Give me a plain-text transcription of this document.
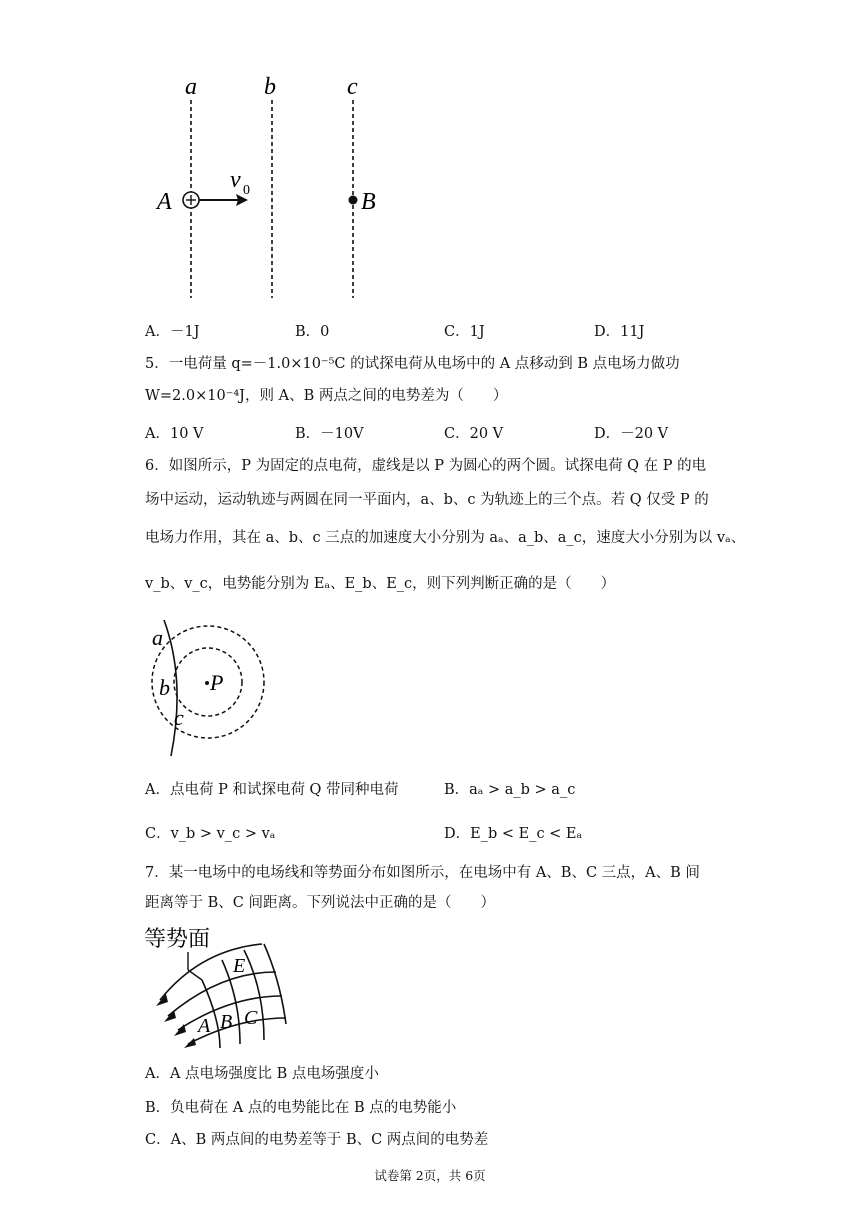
a	b	c
v 0
A	B
A．－1J	B．0	C．1J	D．11J
5．一电荷量 q=－1.0×10⁻⁵C 的试探电荷从电场中的 A 点移动到 B 点电场力做功
W=2.0×10⁻⁴J，则 A、B 两点之间的电势差为（　　）
A．10 V	B．－10V	C．20 V	D．－20 V
6．如图所示，P 为固定的点电荷，虚线是以 P 为圆心的两个圆。试探电荷 Q 在 P 的电
场中运动，运动轨迹与两圆在同一平面内，a、b、c 为轨迹上的三个点。若 Q 仅受 P 的
电场力作用，其在 a、b、c 三点的加速度大小分别为 aₐ、a_b、a_c，速度大小分别为以 vₐ、
v_b、v_c，电势能分别为 Eₐ、E_b、E_c，则下列判断正确的是（　　）
P
a
b
c
A．点电荷 P 和试探电荷 Q 带同种电荷	B．aₐ > a_b > a_c
C．v_b > v_c > vₐ	D．E_b < E_c < Eₐ
7．某一电场中的电场线和等势面分布如图所示，在电场中有 A、B、C 三点，A、B 间
距离等于 B、C 间距离。下列说法中正确的是（　　）
等势面
E
A B C
A．A 点电场强度比 B 点电场强度小
B．负电荷在 A 点的电势能比在 B 点的电势能小
C．A、B 两点间的电势差等于 B、C 两点间的电势差
试卷第 2页，共 6页
